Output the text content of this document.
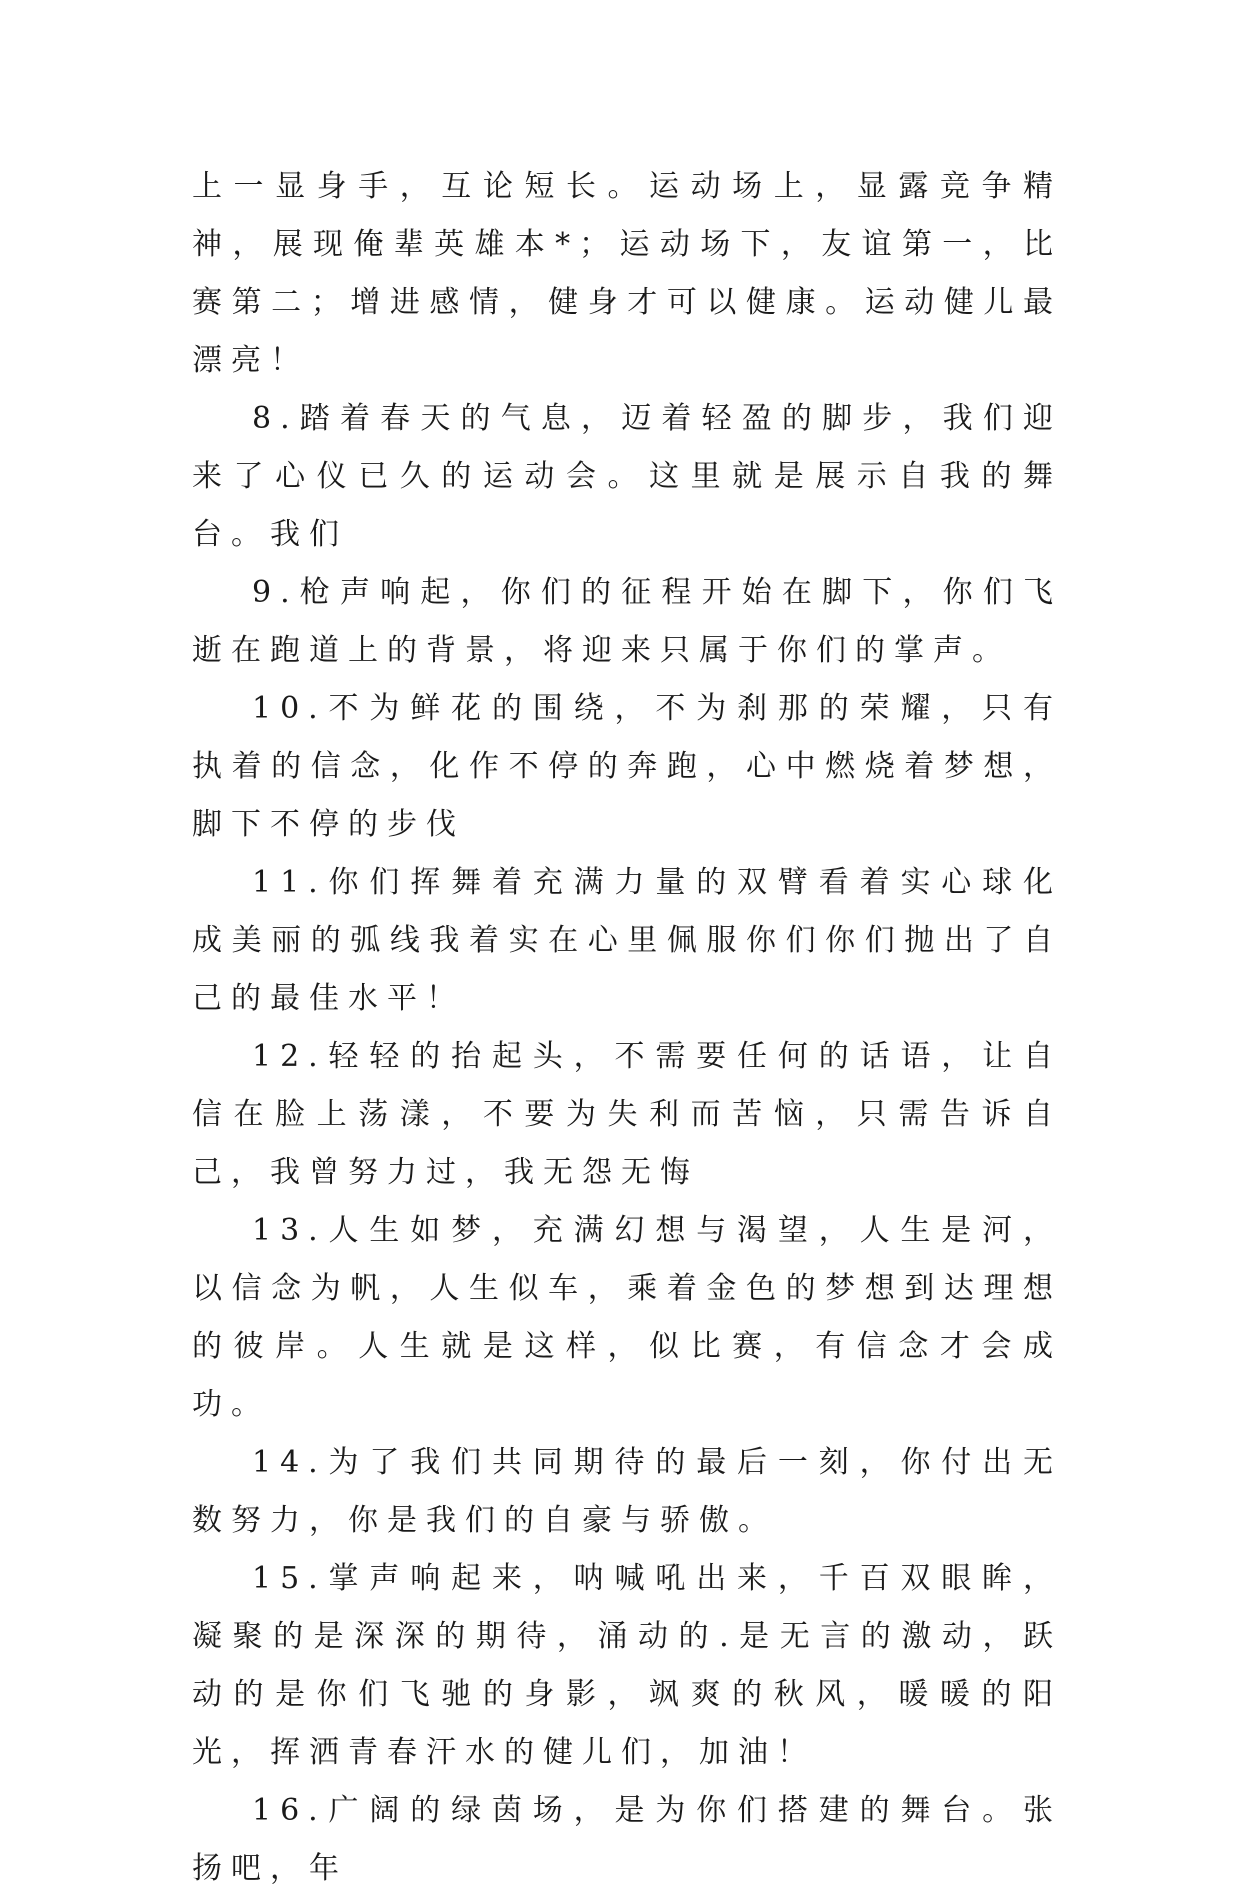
上一显身手，互论短长。运动场上，显露竞争精神，展现俺辈英雄本*；运动场下，友谊第一，比赛第二；增进感情，健身才可以健康。运动健儿最漂亮！

8.踏着春天的气息，迈着轻盈的脚步，我们迎来了心仪已久的运动会。这里就是展示自我的舞台。我们

9.枪声响起，你们的征程开始在脚下，你们飞逝在跑道上的背景，将迎来只属于你们的掌声。

10.不为鲜花的围绕，不为刹那的荣耀，只有执着的信念，化作不停的奔跑，心中燃烧着梦想，脚下不停的步伐

11.你们挥舞着充满力量的双臂看着实心球化成美丽的弧线我着实在心里佩服你们你们抛出了自己的最佳水平！

12.轻轻的抬起头，不需要任何的话语，让自信在脸上荡漾，不要为失利而苦恼，只需告诉自己，我曾努力过，我无怨无悔

13.人生如梦，充满幻想与渴望，人生是河，以信念为帆，人生似车，乘着金色的梦想到达理想的彼岸。人生就是这样，似比赛，有信念才会成功。

14.为了我们共同期待的最后一刻，你付出无数努力，你是我们的自豪与骄傲。

15.掌声响起来，呐喊吼出来，千百双眼眸，凝聚的是深深的期待，涌动的.是无言的激动，跃动的是你们飞驰的身影，飒爽的秋风，暖暖的阳光，挥洒青春汗水的健儿们，加油！

16.广阔的绿茵场，是为你们搭建的舞台。张扬吧，年
